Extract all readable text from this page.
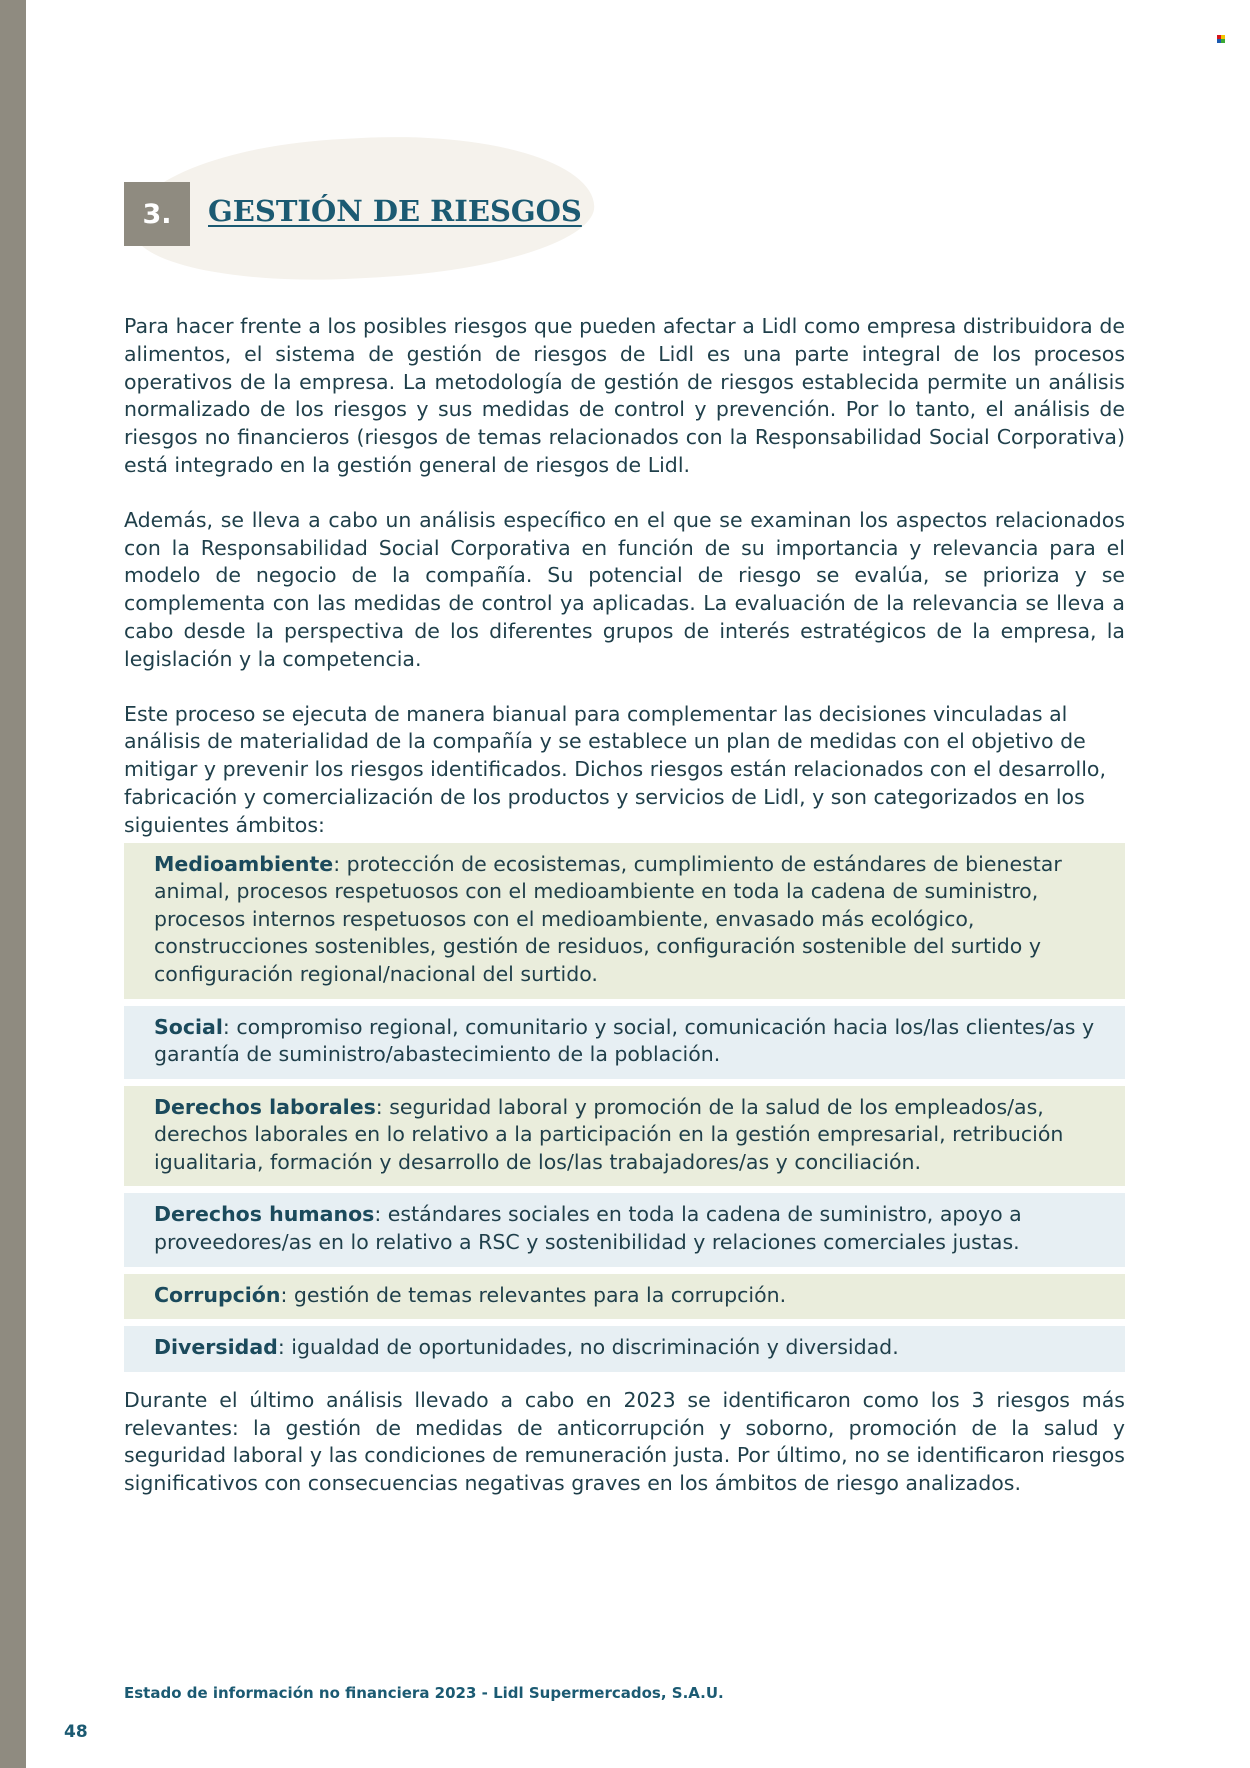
3.	GESTIÓN DE RIESGOS

Para hacer frente a los posibles riesgos que pueden afectar a Lidl como empresa distribuidora de alimentos, el sistema de gestión de riesgos de Lidl es una parte integral de los procesos operativos de la empresa. La metodología de gestión de riesgos establecida permite un análisis normalizado de los riesgos y sus medidas de control y prevención. Por lo tanto, el análisis de riesgos no financieros (riesgos de temas relacionados con la Responsabilidad Social Corporativa) está integrado en la gestión general de riesgos de Lidl.

Además, se lleva a cabo un análisis específico en el que se examinan los aspectos relacionados con la Responsabilidad Social Corporativa en función de su importancia y relevancia para el modelo de negocio de la compañía. Su potencial de riesgo se evalúa, se prioriza y se complementa con las medidas de control ya aplicadas. La evaluación de la relevancia se lleva a cabo desde la perspectiva de los diferentes grupos de interés estratégicos de la empresa, la legislación y la competencia.

Este proceso se ejecuta de manera bianual para complementar las decisiones vinculadas al análisis de materialidad de la compañía y se establece un plan de medidas con el objetivo de mitigar y prevenir los riesgos identificados. Dichos riesgos están relacionados con el desarrollo, fabricación y comercialización de los productos y servicios de Lidl, y son categorizados en los siguientes ámbitos:

Medioambiente: protección de ecosistemas, cumplimiento de estándares de bienestar animal, procesos respetuosos con el medioambiente en toda la cadena de suministro, procesos internos respetuosos con el medioambiente, envasado más ecológico, construcciones sostenibles, gestión de residuos, configuración sostenible del surtido y configuración regional/nacional del surtido.
Social: compromiso regional, comunitario y social, comunicación hacia los/las clientes/as y garantía de suministro/abastecimiento de la población.
Derechos laborales: seguridad laboral y promoción de la salud de los empleados/as, derechos laborales en lo relativo a la participación en la gestión empresarial, retribución igualitaria, formación y desarrollo de los/las trabajadores/as y conciliación.
Derechos humanos: estándares sociales en toda la cadena de suministro, apoyo a proveedores/as en lo relativo a RSC y sostenibilidad y relaciones comerciales justas.
Corrupción: gestión de temas relevantes para la corrupción.
Diversidad: igualdad de oportunidades, no discriminación y diversidad.

Durante el último análisis llevado a cabo en 2023 se identificaron como los 3 riesgos más relevantes: la gestión de medidas de anticorrupción y soborno, promoción de la salud y seguridad laboral y las condiciones de remuneración justa. Por último, no se identificaron riesgos significativos con consecuencias negativas graves en los ámbitos de riesgo analizados.

Estado de información no financiera 2023 - Lidl Supermercados, S.A.U.
48
